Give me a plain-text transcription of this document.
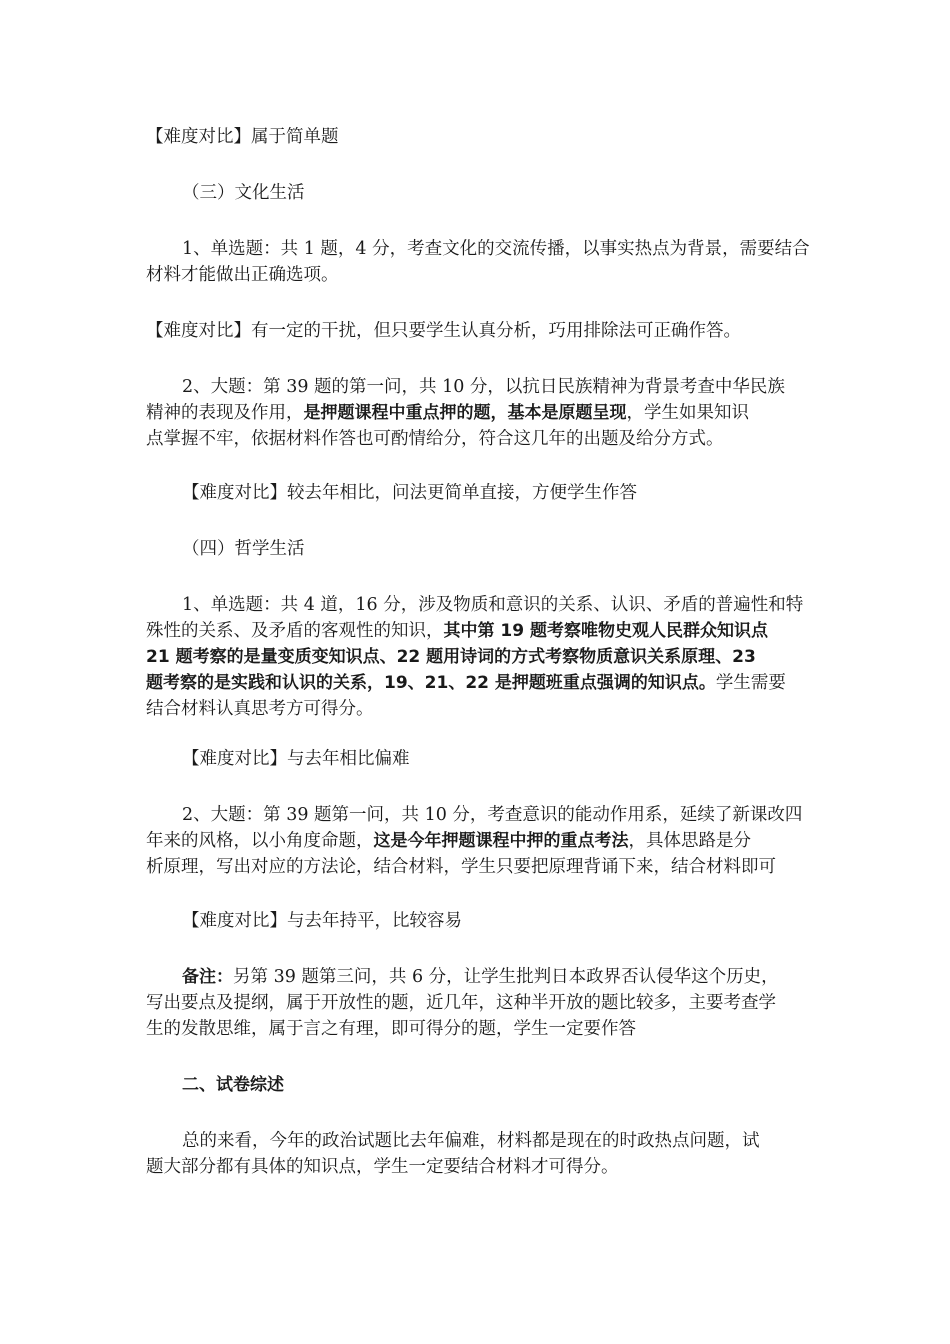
【难度对比】属于简单题

（三）文化生活

1、单选题：共 1 题，4 分，考查文化的交流传播，以事实热点为背景，需要结合
材料才能做出正确选项。

【难度对比】有一定的干扰，但只要学生认真分析，巧用排除法可正确作答。

2、大题：第 39 题的第一问，共 10 分，以抗日民族精神为背景考查中华民族
精神的表现及作用，是押题课程中重点押的题，基本是原题呈现，学生如果知识
点掌握不牢，依据材料作答也可酌情给分，符合这几年的出题及给分方式。

【难度对比】较去年相比，问法更简单直接，方便学生作答

（四）哲学生活

1、单选题：共 4 道，16 分，涉及物质和意识的关系、认识、矛盾的普遍性和特
殊性的关系、及矛盾的客观性的知识，其中第 19 题考察唯物史观人民群众知识点
21 题考察的是量变质变知识点、22 题用诗词的方式考察物质意识关系原理、23
题考察的是实践和认识的关系，19、21、22 是押题班重点强调的知识点。学生需要
结合材料认真思考方可得分。

【难度对比】与去年相比偏难

2、大题：第 39 题第一问，共 10 分，考查意识的能动作用系，延续了新课改四
年来的风格，以小角度命题，这是今年押题课程中押的重点考法，具体思路是分
析原理，写出对应的方法论，结合材料，学生只要把原理背诵下来，结合材料即可

【难度对比】与去年持平，比较容易

备注：另第 39 题第三问，共 6 分，让学生批判日本政界否认侵华这个历史，
写出要点及提纲，属于开放性的题，近几年，这种半开放的题比较多，主要考查学
生的发散思维，属于言之有理，即可得分的题，学生一定要作答

二、试卷综述

总的来看，今年的政治试题比去年偏难，材料都是现在的时政热点问题，试
题大部分都有具体的知识点，学生一定要结合材料才可得分。
